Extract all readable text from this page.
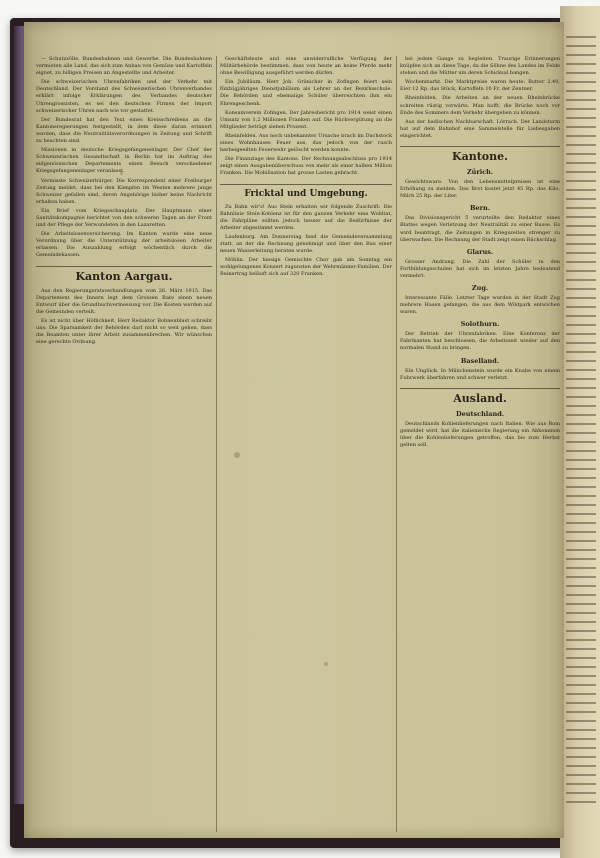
— Schutzzölle, Bundesbahnen und Gewerbe. Die Bundesbahnen vermieten alle Land, das sich zum Anbau von Gemüse und Kartoffeln eignet, zu billigen Preisen an Angestellte und Arbeiter.

Die schweizerischen Uhrenfabriken und der Verkehr mit Deutschland. Der Vorstand des Schweizerischen Uhrenverbandes erklärt infolge Erklärungen des Verbandes deutscher Uhrengrossisten, es sei den deutschen Firmen der Import schweizerischer Uhren nach wie vor gestattet.

Der Bundesrat hat den Text eines Kreisschreibens an die Kantonsregierungen festgestellt, in dem diese daran erinnert werden, dass die Neutralitätsverordnungen in Zeitung und Schrift zu beachten sind.

Missionen in deutsche Kriegsgefangenenlager. Der Chef der Schweizerischen Gesandtschaft in Berlin hat im Auftrag des eidgenössischen Departements einen Besuch verschiedener Kriegsgefangenenlager veranlasst.

Vermisste Schweizerbürger. Die Korrespondent einer Freiburger Zeitung meldet, dass bei den Kämpfen im Westen mehrere junge Schweizer gefallen sind, deren Angehörige bisher keine Nachricht erhalten haben.

Ein Brief vom Kriegsschauplatz. Der Hauptmann einer Sanitätskompagnie berichtet von den schweren Tagen an der Front und der Pflege der Verwundeten in den Lazaretten.

Die Arbeitslosenversicherung. Im Kanton wurde eine neue Verordnung über die Unterstützung der arbeitslosen Arbeiter erlassen. Die Auszahlung erfolgt wöchentlich durch die Gemeindekassen.

Kanton Aargau.

Aus den Regierungsratsverhandlungen vom 26. März 1915. Das Departement des Innern legt dem Grossen Rate einen neuen Entwurf über die Grundbuchvermessung vor. Die Kosten werden auf die Gemeinden verteilt.

Es ist nicht über Höflichkeit. Herr Redaktor Bohnenblust schreibt uns: Die Sparsamkeit der Behörden darf nicht so weit gehen, dass die Beamten unter ihrer Arbeit zusammenbrechen. Wir wünschen eine gerechte Ordnung.

Geschäftsleute und eine unwiderrufliche Verfügung der Militärbehörde bestimmen, dass von heute an keine Pferde mehr ohne Bewilligung ausgeführt werden dürfen.

Ein Jubiläum. Herr Joh. Gränicher in Zofingen feiert sein fünfzigjähriges Dienstjubiläum als Lehrer an der Bezirksschule. Die Behörden und ehemalige Schüler überreichten ihm ein Ehrengeschenk.

Konsumverein Zofingen. Der Jahresbericht pro 1914 weist einen Umsatz von 1,2 Millionen Franken auf. Die Rückvergütung an die Mitglieder beträgt sieben Prozent.

Rheinfelden. Aus noch unbekannter Ursache brach im Dachstock eines Wohnhauses Feuer aus, das jedoch von der rasch herbeigeeilten Feuerwehr gelöscht werden konnte.

Die Finanzlage des Kantons. Der Rechnungsabschluss pro 1914 zeigt einen Ausgabenüberschuss von mehr als einer halben Million Franken. Die Mobilisation hat grosse Lasten gebracht.

Fricktal und Umgebung.

Zu Bahn wir's! Aus Stein erhalten wir folgende Zuschrift: Die Bahnlinie Stein-Koblenz ist für den ganzen Verkehr eine Wohltat, die Fahrpläne sollten jedoch besser auf die Bedürfnisse der Arbeiter abgestimmt werden.

Laufenburg. Am Donnerstag fand die Gemeindeversammlung statt, an der die Rechnung genehmigt und über den Bau einer neuen Wasserleitung beraten wurde.

Möhlin. Der hiesige Gemischte Chor gab am Sonntag ein wohlgelungenes Konzert zugunsten der Wehrmänner-Familien. Der Reinertrag beläuft sich auf 320 Franken.

bei jedem Gange zu begleiten. Traurige Erinnerungen knüpfen sich an diese Tage, da die Söhne des Landes im Felde stehen und die Mütter um deren Schicksal bangen.

Wochenmarkt. Die Marktpreise waren heute: Butter 2.40, Eier 12 Rp. das Stück, Kartoffeln 10 Fr. der Zentner.

Rheinfelden. Die Arbeiten an der neuen Rheinbrücke schreiten rüstig vorwärts. Man hofft, die Brücke noch vor Ende des Sommers dem Verkehr übergeben zu können.

Aus der badischen Nachbarschaft. Lörrach. Der Landsturm hat auf dem Bahnhof eine Sammelstelle für Liebesgaben eingerichtet.

Kantone.
Zürich.

Gewichtsware. Von den Lebensmittelpreisen ist eine Erhöhung zu melden. Das Brot kostet jetzt 45 Rp. das Kilo, Milch 25 Rp. der Liter.

Bern.

Das Divisionsgericht 5 verurteilte den Redaktor eines Blattes wegen Verletzung der Neutralität zu einer Busse. Es wird beantragt, die Zeitungen in Kriegszeiten strenger zu überwachen. Die Rechnung der Stadt zeigt einen Rückschlag.

Glarus.

Grosser Andrang. Die Zahl der Schüler in den Fortbildungsschulen hat sich im letzten Jahre bedeutend vermehrt.

Zug.

Interessante Fälle. Letzter Tage wurden in der Stadt Zug mehrere Hasen gefangen, die aus dem Wildpark entwichen waren.

Solothurn.

Der Betrieb der Uhrenfabriken. Eine Konferenz der Fabrikanten hat beschlossen, die Arbeitszeit wieder auf den normalen Stand zu bringen.

Baselland.

Ein Unglück. In Münchenstein wurde ein Knabe von einem Fuhrwerk überfahren und schwer verletzt.

Ausland.
Deutschland.

Deutschlands Kohlenlieferungen nach Italien. Wie aus Rom gemeldet wird, hat die italienische Regierung ein Abkommen über die Kohlenlieferungen getroffen, das bis zum Herbst gelten soll.
